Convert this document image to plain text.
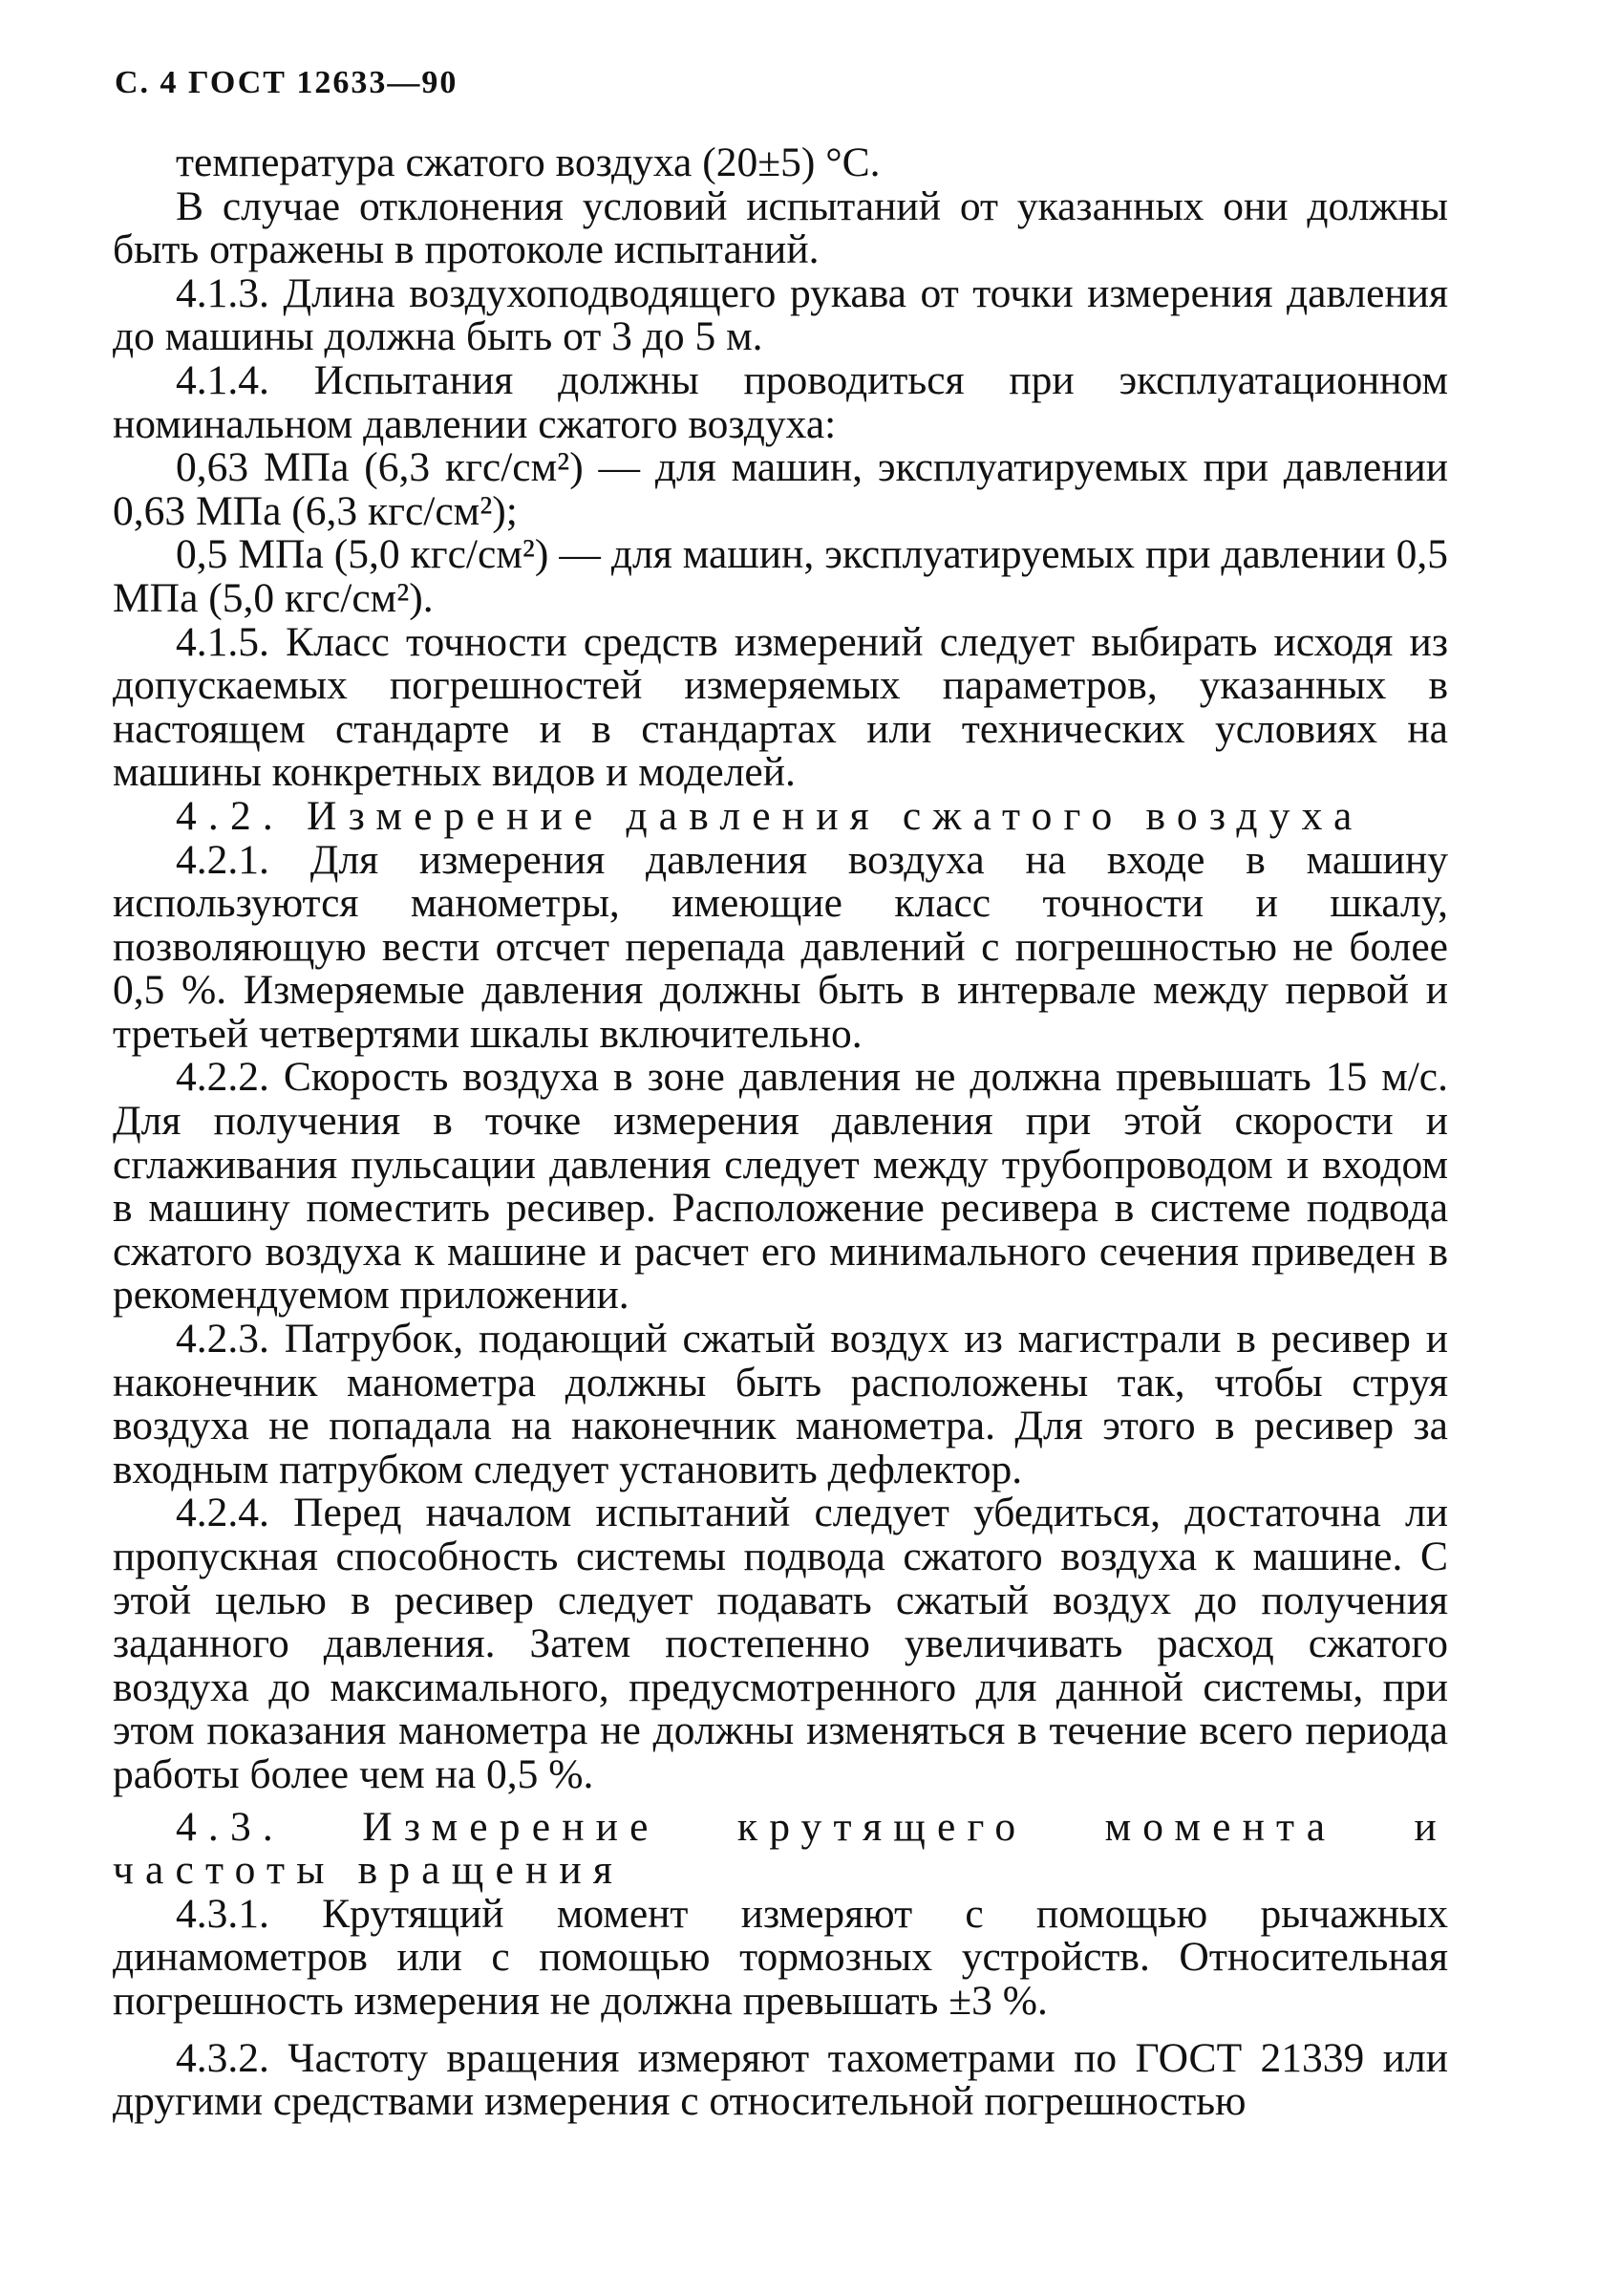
С. 4 ГОСТ 12633—90

температура сжатого воздуха (20±5) °С.

В случае отклонения условий испытаний от указанных они должны быть отражены в протоколе испытаний.

4.1.3. Длина воздухоподводящего рукава от точки измерения давления до машины должна быть от 3 до 5 м.

4.1.4. Испытания должны проводиться при эксплуатационном номинальном давлении сжатого воздуха:

0,63 МПа (6,3 кгс/см²) — для машин, эксплуатируемых при давлении 0,63 МПа (6,3 кгс/см²);

0,5 МПа (5,0 кгс/см²) — для машин, эксплуатируемых при давлении 0,5 МПа (5,0 кгс/см²).

4.1.5. Класс точности средств измерений следует выбирать исходя из допускаемых погрешностей измеряемых параметров, указанных в настоящем стандарте и в стандартах или технических условиях на машины конкретных видов и моделей.

4.2. Измерение давления сжатого воздуха

4.2.1. Для измерения давления воздуха на входе в машину используются манометры, имеющие класс точности и шкалу, позволяющую вести отсчет перепада давлений с погрешностью не более 0,5 %. Измеряемые давления должны быть в интервале между первой и третьей четвертями шкалы включительно.

4.2.2. Скорость воздуха в зоне давления не должна превышать 15 м/с. Для получения в точке измерения давления при этой скорости и сглаживания пульсации давления следует между трубопроводом и входом в машину поместить ресивер. Расположение ресивера в системе подвода сжатого воздуха к машине и расчет его минимального сечения приведен в рекомендуемом приложении.

4.2.3. Патрубок, подающий сжатый воздух из магистрали в ресивер и наконечник манометра должны быть расположены так, чтобы струя воздуха не попадала на наконечник манометра. Для этого в ресивер за входным патрубком следует установить дефлектор.

4.2.4. Перед началом испытаний следует убедиться, достаточна ли пропускная способность системы подвода сжатого воздуха к машине. С этой целью в ресивер следует подавать сжатый воздух до получения заданного давления. Затем постепенно увеличивать расход сжатого воздуха до максимального, предусмотренного для данной системы, при этом показания манометра не должны изменяться в течение всего периода работы более чем на 0,5 %.

4.3. Измерение крутящего момента и частоты вращения

4.3.1. Крутящий момент измеряют с помощью рычажных динамометров или с помощью тормозных устройств. Относительная погрешность измерения не должна превышать ±3 %.

4.3.2. Частоту вращения измеряют тахометрами по ГОСТ 21339 или другими средствами измерения с относительной погрешностью
